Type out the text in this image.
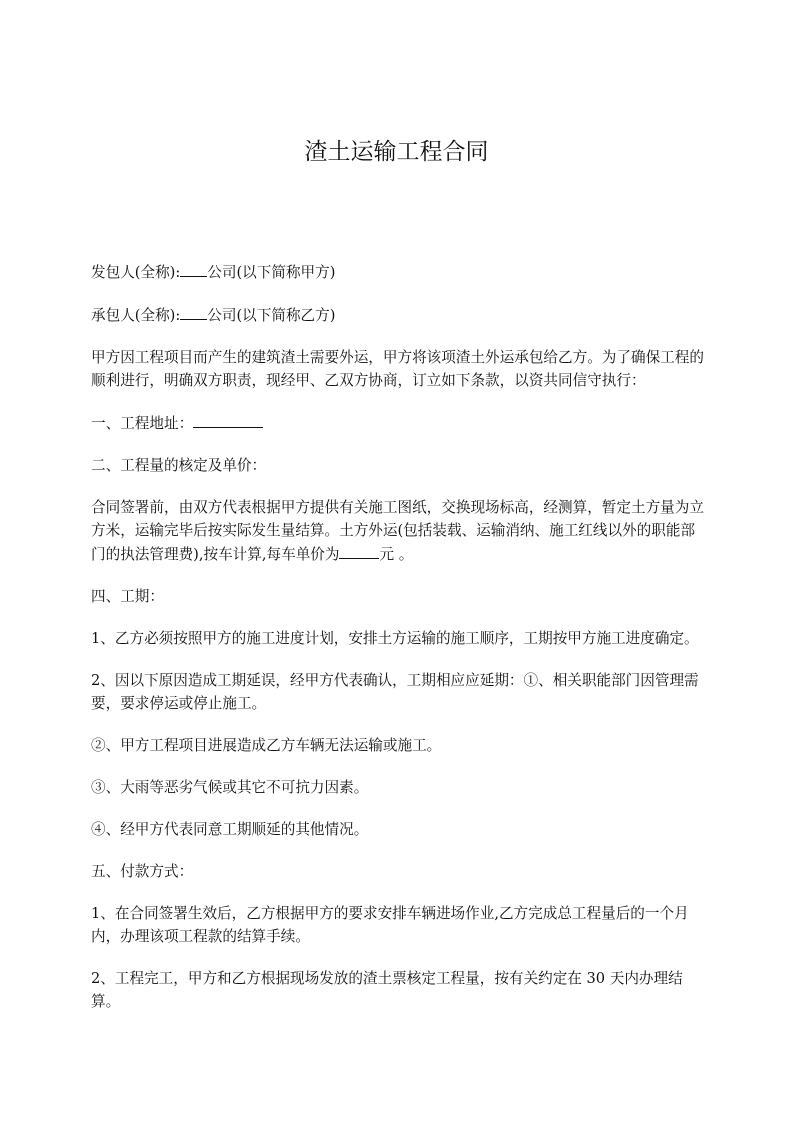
渣土运输工程合同

发包人(全称): 公司(以下简称甲方)

承包人(全称): 公司(以下简称乙方)

甲方因工程项目而产生的建筑渣土需要外运，甲方将该项渣土外运承包给乙方。为了确保工程的顺利进行，明确双方职责，现经甲、乙双方协商，订立如下条款，以资共同信守执行：

一、工程地址：

二、工程量的核定及单价：

合同签署前，由双方代表根据甲方提供有关施工图纸，交换现场标高，经测算，暂定土方量为立方米，运输完毕后按实际发生量结算。土方外运(包括装载、运输消纳、施工红线以外的职能部门的执法管理费),按车计算,每车单价为	元 。

四、工期：

1、乙方必须按照甲方的施工进度计划，安排土方运输的施工顺序，工期按甲方施工进度确定。

2、因以下原因造成工期延误，经甲方代表确认，工期相应应延期：①、相关职能部门因管理需要，要求停运或停止施工。

②、甲方工程项目进展造成乙方车辆无法运输或施工。

③、大雨等恶劣气候或其它不可抗力因素。

④、经甲方代表同意工期顺延的其他情况。

五、付款方式：

1、在合同签署生效后，乙方根据甲方的要求安排车辆进场作业,乙方完成总工程量后的一个月内，办理该项工程款的结算手续。

2、工程完工，甲方和乙方根据现场发放的渣土票核定工程量，按有关约定在 30 天内办理结算。
